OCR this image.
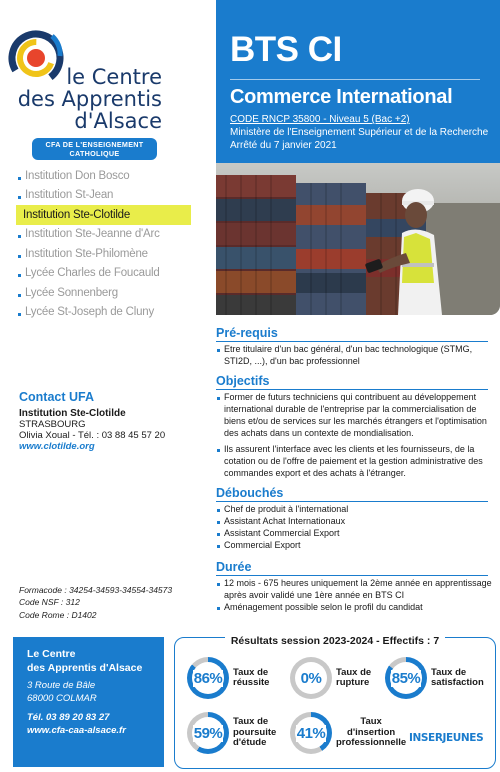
le Centre
des Apprentis
d'Alsace
CFA DE L'ENSEIGNEMENT
CATHOLIQUE
Institution Don Bosco
Institution St-Jean
Institution Ste-Clotilde
Institution Ste-Jeanne d'Arc
Institution Ste-Philomène
Lycée Charles de Foucauld
Lycée Sonnenberg
Lycée St-Joseph de Cluny
Contact UFA
Institution Ste-Clotilde
STRASBOURG
Olivia Xoual - Tél. : 03 88 45 57 20
www.clotilde.org
Formacode : 34254-34593-34554-34573
Code NSF : 312
Code Rome : D1402
Le Centre
des Apprentis d'Alsace
3 Route de Bâle
68000 COLMAR
Tél. 03 89 20 83 27
www.cfa-caa-alsace.fr
BTS CI
Commerce International
CODE RNCP 35800 - Niveau 5 (Bac +2)
Ministère de l'Enseignement Supérieur et de la Recherche
Arrêté du 7 janvier 2021
Pré-requis
Etre titulaire d'un bac général, d'un bac technologique (STMG, STI2D, ...), d'un bac professionnel
Objectifs
Former de futurs techniciens qui contribuent au développement international durable de l'entreprise par la commercialisation de biens et/ou de services sur les marchés étrangers et l'optimisation des achats dans un contexte de mondialisation.
Ils assurent l'interface avec les clients et les fournisseurs, de la cotation ou de l'offre de paiement et la gestion administrative des commandes export et des achats à l'étranger.
Débouchés
Chef de produit à l'international
Assistant Achat Internationaux
Assistant Commercial Export
Commercial Export
Durée
12 mois - 675 heures uniquement la 2ème année en apprentissage après avoir validé une 1ère année en BTS CI
Aménagement possible selon le profil du candidat
Résultats session 2023-2024 - Effectifs : 7
86% Taux de
réussite 0% Taux de
rupture 85% Taux de
satisfaction
59%
Taux de
poursuite
d'étude
41%
Taux
d'insertion
professionnelle INSERJEUNES
